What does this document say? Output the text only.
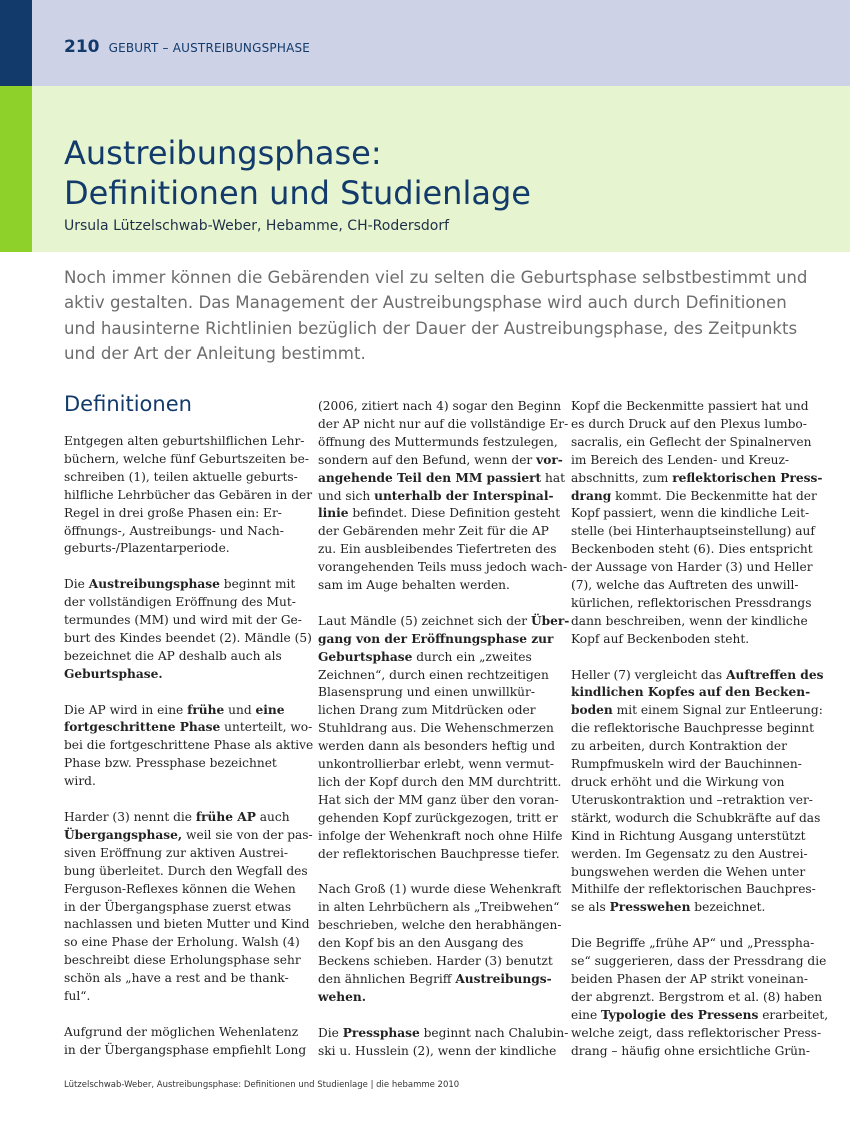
210 GEBURT – AUSTREIBUNGSPHASE
Austreibungsphase:
Definitionen und Studienlage
Ursula Lützelschwab-Weber, Hebamme, CH-Rodersdorf
Noch immer können die Gebärenden viel zu selten die Geburtsphase selbstbestimmt und
aktiv gestalten. Das Management der Austreibungsphase wird auch durch Definitionen
und hausinterne Richtlinien bezüglich der Dauer der Austreibungsphase, des Zeitpunkts
und der Art der Anleitung bestimmt.
Definitionen

Entgegen alten geburtshilflichen Lehr-
büchern, welche fünf Geburtszeiten be-
schreiben (1), teilen aktuelle geburts-
hilfliche Lehrbücher das Gebären in der
Regel in drei große Phasen ein: Er-
öffnungs-, Austreibungs- und Nach-
geburts-/Plazentarperiode.

Die Austreibungsphase beginnt mit
der vollständigen Eröffnung des Mut-
termundes (MM) und wird mit der Ge-
burt des Kindes beendet (2). Mändle (5)
bezeichnet die AP deshalb auch als
Geburtsphase.

Die AP wird in eine frühe und eine
fortgeschrittene Phase unterteilt, wo-
bei die fortgeschrittene Phase als aktive
Phase bzw. Pressphase bezeichnet
wird.

Harder (3) nennt die frühe AP auch
Übergangsphase, weil sie von der pas-
siven Eröffnung zur aktiven Austrei-
bung überleitet. Durch den Wegfall des
Ferguson-Reflexes können die Wehen
in der Übergangsphase zuerst etwas
nachlassen und bieten Mutter und Kind
so eine Phase der Erholung. Walsh (4)
beschreibt diese Erholungsphase sehr
schön als „have a rest and be thank-
ful“.

Aufgrund der möglichen Wehenlatenz
in der Übergangsphase empfiehlt Long

(2006, zitiert nach 4) sogar den Beginn
der AP nicht nur auf die vollständige Er-
öffnung des Muttermunds festzulegen,
sondern auf den Befund, wenn der vor-
angehende Teil den MM passiert hat
und sich unterhalb der Interspinal-
linie befindet. Diese Definition gesteht
der Gebärenden mehr Zeit für die AP
zu. Ein ausbleibendes Tiefertreten des
vorangehenden Teils muss jedoch wach-
sam im Auge behalten werden.

Laut Mändle (5) zeichnet sich der Über-
gang von der Eröffnungsphase zur
Geburtsphase durch ein „zweites
Zeichnen“, durch einen rechtzeitigen
Blasensprung und einen unwillkür-
lichen Drang zum Mitdrücken oder
Stuhldrang aus. Die Wehenschmerzen
werden dann als besonders heftig und
unkontrollierbar erlebt, wenn vermut-
lich der Kopf durch den MM durchtritt.
Hat sich der MM ganz über den voran-
gehenden Kopf zurückgezogen, tritt er
infolge der Wehenkraft noch ohne Hilfe
der reflektorischen Bauchpresse tiefer.

Nach Groß (1) wurde diese Wehenkraft
in alten Lehrbüchern als „Treibwehen“
beschrieben, welche den herabhängen-
den Kopf bis an den Ausgang des
Beckens schieben. Harder (3) benutzt
den ähnlichen Begriff Austreibungs-
wehen.

Die Pressphase beginnt nach Chalubin-
ski u. Husslein (2), wenn der kindliche

Kopf die Beckenmitte passiert hat und
es durch Druck auf den Plexus lumbo-
sacralis, ein Geflecht der Spinalnerven
im Bereich des Lenden- und Kreuz-
abschnitts, zum reflektorischen Press-
drang kommt. Die Beckenmitte hat der
Kopf passiert, wenn die kindliche Leit-
stelle (bei Hinterhauptseinstellung) auf
Beckenboden steht (6). Dies entspricht
der Aussage von Harder (3) und Heller
(7), welche das Auftreten des unwill-
kürlichen, reflektorischen Pressdrangs
dann beschreiben, wenn der kindliche
Kopf auf Beckenboden steht.

Heller (7) vergleicht das Auftreffen des
kindlichen Kopfes auf den Becken-
boden mit einem Signal zur Entleerung:
die reflektorische Bauchpresse beginnt
zu arbeiten, durch Kontraktion der
Rumpfmuskeln wird der Bauchinnen-
druck erhöht und die Wirkung von
Uteruskontraktion und –retraktion ver-
stärkt, wodurch die Schubkräfte auf das
Kind in Richtung Ausgang unterstützt
werden. Im Gegensatz zu den Austrei-
bungswehen werden die Wehen unter
Mithilfe der reflektorischen Bauchpres-
se als Presswehen bezeichnet.

Die Begriffe „frühe AP“ und „Presspha-
se“ suggerieren, dass der Pressdrang die
beiden Phasen der AP strikt voneinan-
der abgrenzt. Bergstrom et al. (8) haben
eine Typologie des Pressens erarbeitet,
welche zeigt, dass reflektorischer Press-
drang – häufig ohne ersichtliche Grün-

Lützelschwab-Weber, Austreibungsphase: Definitionen und Studienlage | die hebamme 2010
